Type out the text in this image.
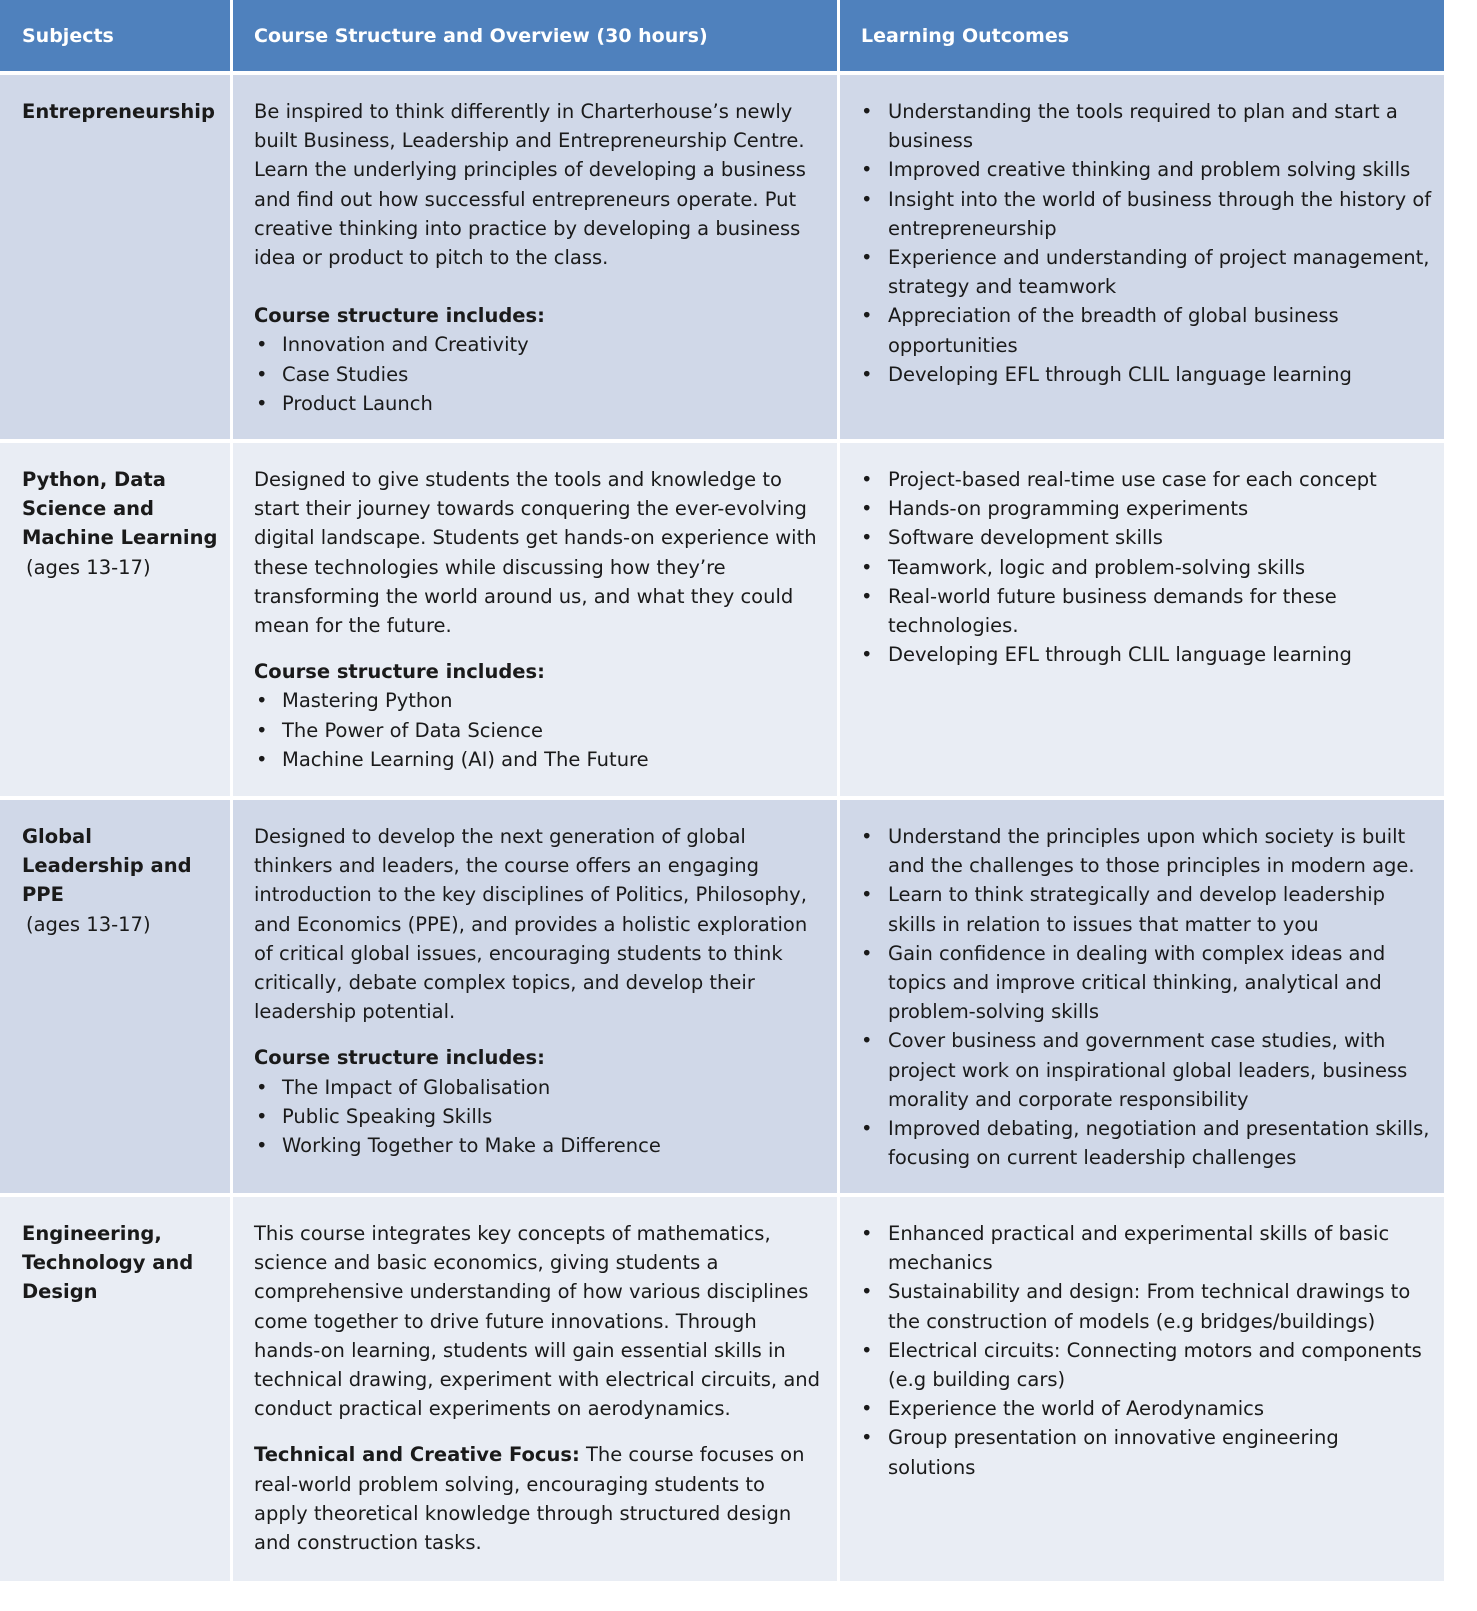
Subjects	Course Structure and Overview (30 hours)	Learning Outcomes
Entrepreneurship Be inspired to think differently in Charterhouse’s newly built Business, Leadership and Entrepreneurship Centre. Learn the underlying principles of developing a business and find out how successful entrepreneurs operate. Put creative thinking into practice by developing a business idea or product to pitch to the class.

Course structure includes:
• Innovation and Creativity
• Case Studies
• Product Launch
• Understanding the tools required to plan and start a business
• Improved creative thinking and problem solving skills
• Insight into the world of business through the history of entrepreneurship
• Experience and understanding of project management, strategy and teamwork
• Appreciation of the breadth of global business opportunities
• Developing EFL through CLIL language learning
Python, Data Science and Machine Learning
(ages 13-17)

Designed to give students the tools and knowledge to start their journey towards conquering the ever-evolving digital landscape. Students get hands-on experience with these technologies while discussing how they’re transforming the world around us, and what they could mean for the future.

Course structure includes:
• Mastering Python
• The Power of Data Science
• Machine Learning (AI) and The Future
• Project-based real-time use case for each concept
• Hands-on programming experiments
• Software development skills
• Teamwork, logic and problem-solving skills
• Real-world future business demands for these technologies.
• Developing EFL through CLIL language learning
Global Leadership and PPE
(ages 13-17)

Designed to develop the next generation of global thinkers and leaders, the course offers an engaging introduction to the key disciplines of Politics, Philosophy, and Economics (PPE), and provides a holistic exploration of critical global issues, encouraging students to think critically, debate complex topics, and develop their leadership potential.

Course structure includes:
• The Impact of Globalisation
• Public Speaking Skills
• Working Together to Make a Difference
• Understand the principles upon which society is built and the challenges to those principles in modern age.
• Learn to think strategically and develop leadership skills in relation to issues that matter to you
• Gain confidence in dealing with complex ideas and topics and improve critical thinking, analytical and problem-solving skills
• Cover business and government case studies, with project work on inspirational global leaders, business morality and corporate responsibility
• Improved debating, negotiation and presentation skills, focusing on current leadership challenges
Engineering, Technology and Design

This course integrates key concepts of mathematics, science and basic economics, giving students a comprehensive understanding of how various disciplines come together to drive future innovations. Through hands-on learning, students will gain essential skills in technical drawing, experiment with electrical circuits, and conduct practical experiments on aerodynamics.

Technical and Creative Focus: The course focuses on real-world problem solving, encouraging students to apply theoretical knowledge through structured design and construction tasks.

• Enhanced practical and experimental skills of basic mechanics
• Sustainability and design: From technical drawings to the construction of models (e.g bridges/buildings)
• Electrical circuits: Connecting motors and components (e.g building cars)
• Experience the world of Aerodynamics
• Group presentation on innovative engineering solutions
